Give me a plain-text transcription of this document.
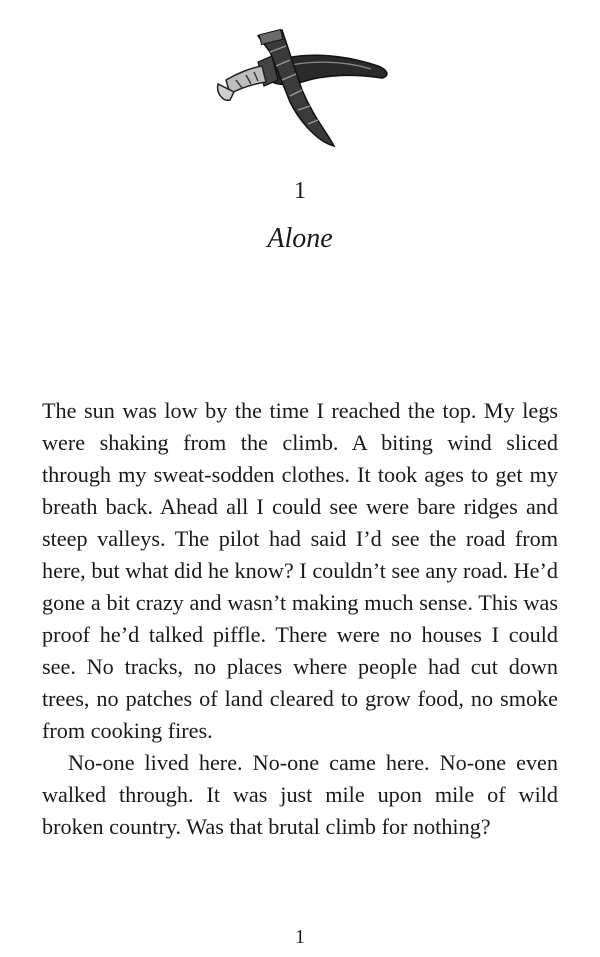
1
Alone

The sun was low by the time I reached the top. My legs were shaking from the climb. A biting wind sliced through my sweat-sodden clothes. It took ages to get my breath back. Ahead all I could see were bare ridges and steep valleys. The pilot had said I’d see the road from here, but what did he know? I couldn’t see any road. He’d gone a bit crazy and wasn’t making much sense. This was proof he’d talked piffle. There were no houses I could see. No tracks, no places where people had cut down trees, no patches of land cleared to grow food, no smoke from cooking fires.

No-one lived here. No-one came here. No-one even walked through. It was just mile upon mile of wild broken country. Was that brutal climb for nothing?

1
